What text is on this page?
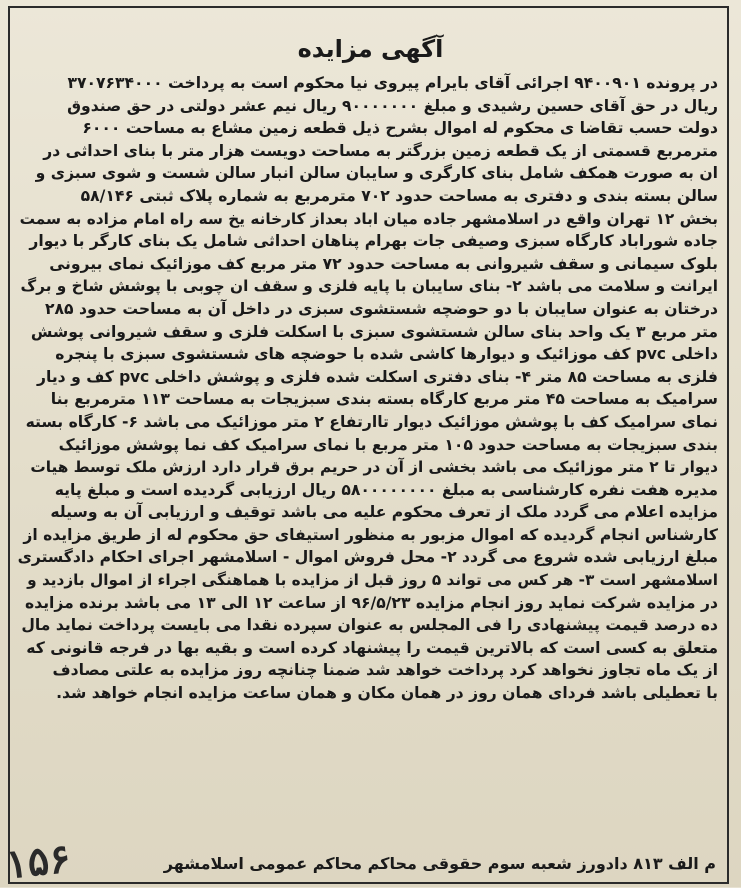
آگهی مزایده
در پرونده ۹۴۰۰۹۰۱ اجرائی آقای بایرام پیروی نیا محکوم است به پرداخت ۳۷۰۷۶۳۴۰۰۰
ریال در حق آقای حسین رشیدی و مبلغ ۹۰۰۰۰۰۰۰ ریال نیم عشر دولتی در حق صندوق
دولت حسب تقاضا ی محکوم له اموال بشرح ذیل قطعه زمین مشاع به مساحت ۶۰۰۰
مترمربع قسمتی از یک قطعه زمین بزرگتر به مساحت دویست هزار متر با بنای احداثی در
ان به صورت همکف شامل بنای کارگری و سایبان سالن انبار سالن شست و شوی سبزی و
سالن بسته بندی و دفتری به مساحت حدود ۷۰۲ مترمربع به شماره پلاک ثبتی ۵۸/۱۴۶
بخش ۱۲ تهران واقع در اسلامشهر جاده میان اباد بعداز کارخانه یخ سه راه امام مزاده به سمت
جاده شوراباد کارگاه سبزی وصیفی جات بهرام پناهان احداثی شامل یک بنای کارگر با دیوار
بلوک سیمانی و سقف شیروانی به مساحت حدود ۷۲ متر مربع کف موزائیک نمای بیرونی
ایرانت و سلامت می باشد ۲- بنای سایبان با پایه فلزی و سقف ان چوبی با پوشش شاخ و برگ
درختان به عنوان سایبان با دو حوضچه شستشوی سبزی در داخل آن به مساحت حدود ۲۸۵
متر مربع ۳ یک واحد بنای سالن شستشوی سبزی با اسکلت فلزی و سقف شیروانی پوشش
داخلی pvc کف موزائیک و دیوارها کاشی شده با حوضچه های شستشوی سبزی با پنجره
فلزی به مساحت ۸۵ متر ۴- بنای دفتری اسکلت شده فلزی و پوشش داخلی pvc کف و دیار
سرامیک به مساحت ۴۵ متر مربع کارگاه بسته بندی سبزیجات به مساحت ۱۱۳ مترمربع بنا
نمای سرامیک کف با پوشش موزائیک دیوار تاارتفاع ۲ متر موزائیک می باشد ۶- کارگاه بسته
بندی سبزیجات به مساحت حدود ۱۰۵ متر مربع با نمای سرامیک کف نما پوشش موزائیک
دیوار تا ۲ متر موزائیک می باشد بخشی از آن در حریم برق قرار دارد ارزش ملک توسط هیات
مدیره هفت نفره کارشناسی به مبلغ ۵۸۰۰۰۰۰۰۰۰ ریال ارزیابی گردیده است و مبلغ پایه
مزایده اعلام می گردد ملک از تعرف محکوم علیه می باشد توقیف و ارزیابی آن به وسیله
کارشناس انجام گردیده که اموال مزبور به منظور استیفای حق محکوم له از طریق مزایده از
مبلغ ارزیابی شده شروع می گردد ۲- محل فروش اموال - اسلامشهر اجرای احکام دادگستری
اسلامشهر است ۳- هر کس می تواند ۵ روز قبل از مزایده با هماهنگی اجراء از اموال بازدید و
در مزایده شرکت نماید روز انجام مزایده ۹۶/۵/۲۳ از ساعت ۱۲ الی ۱۳ می باشد برنده مزایده
ده درصد قیمت پیشنهادی را فی المجلس به عنوان سپرده نقدا می بایست پرداخت نماید مال
متعلق به کسی است که بالاترین قیمت را پیشنهاد کرده است و بقیه بها در فرجه قانونی که
از یک ماه تجاوز نخواهد کرد پرداخت خواهد شد ضمنا چنانچه روز مزایده به علتی مصادف
با تعطیلی باشد فردای همان روز در همان مکان و همان ساعت مزایده انجام خواهد شد.
م الف ۸۱۳ دادورز شعبه سوم حقوقی محاکم محاکم عمومی اسلامشهر
۱۵۶
